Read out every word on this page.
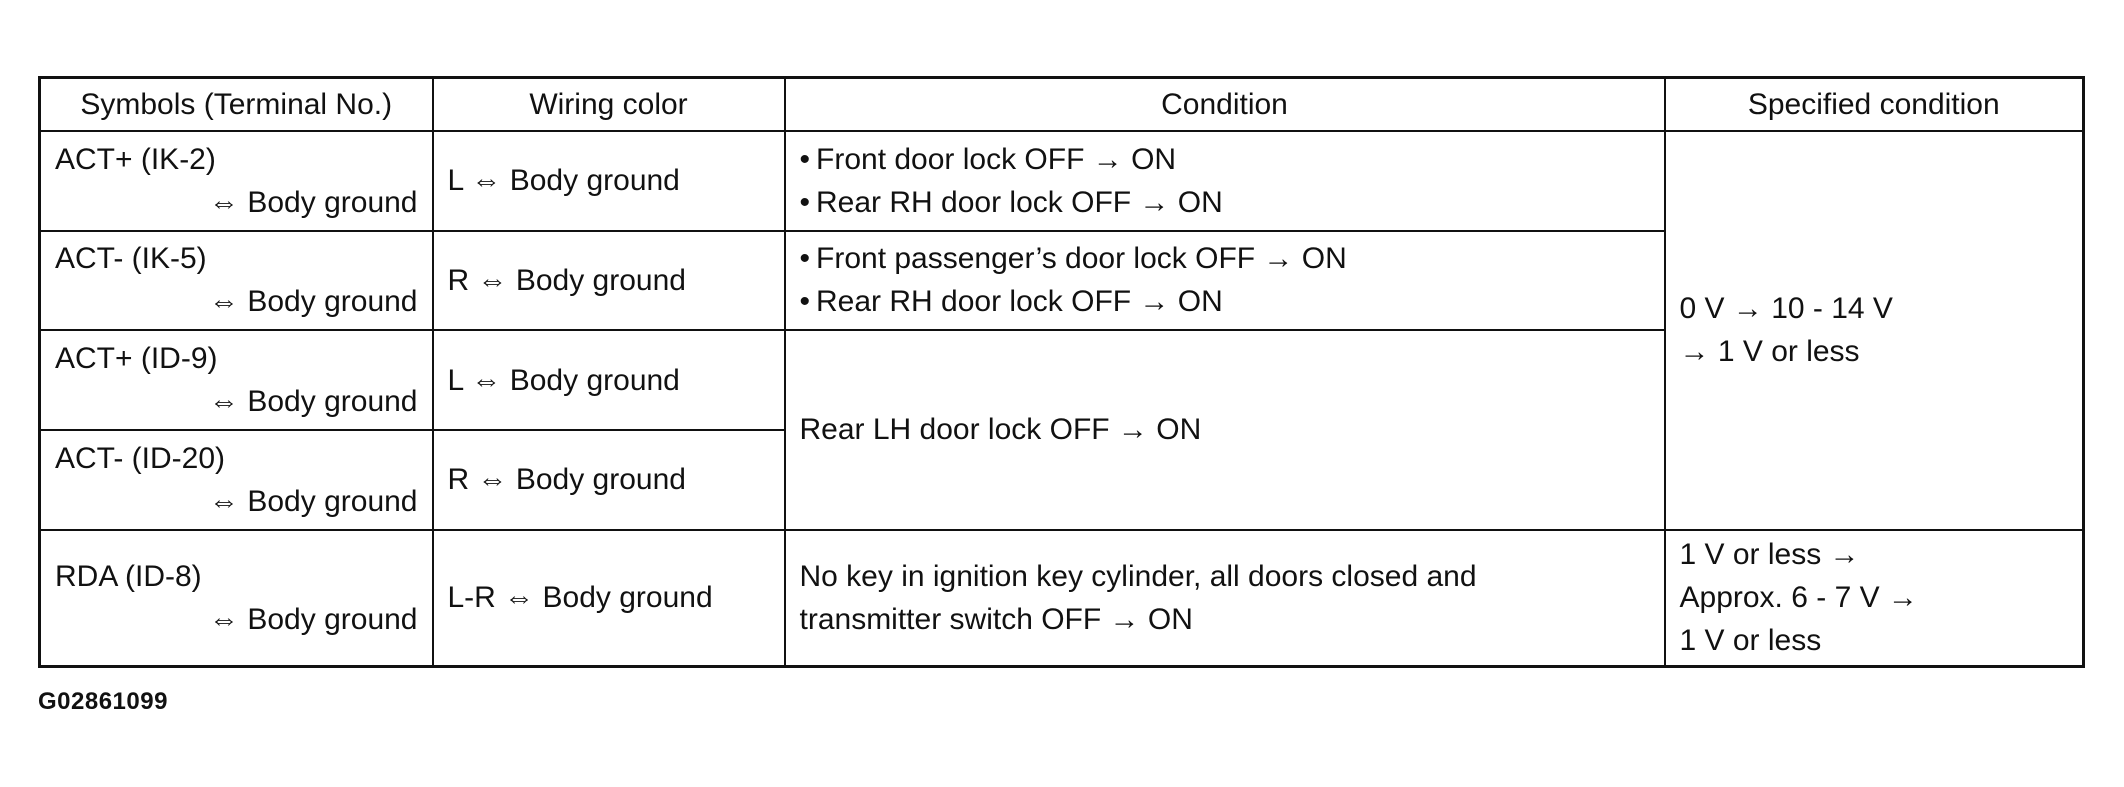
Symbols (Terminal No.)	Wiring color	Condition	Specified condition

ACT+ (IK-2)
⇔ Body ground	L ⇔ Body ground	• Front door lock OFF → ON
• Rear RH door lock OFF → ON	0 V → 10 - 14 V
→ 1 V or less

ACT- (IK-5)
⇔ Body ground	R ⇔ Body ground	• Front passenger’s door lock OFF → ON
• Rear RH door lock OFF → ON

ACT+ (ID-9)
⇔ Body ground	L ⇔ Body ground	Rear LH door lock OFF → ON	

ACT- (ID-20)
⇔ Body ground	R ⇔ Body ground		

RDA (ID-8)
⇔ Body ground	L-R ⇔ Body ground	No key in ignition key cylinder, all doors closed and
transmitter switch OFF → ON	1 V or less →
Approx. 6 - 7 V →
1 V or less
G02861099
